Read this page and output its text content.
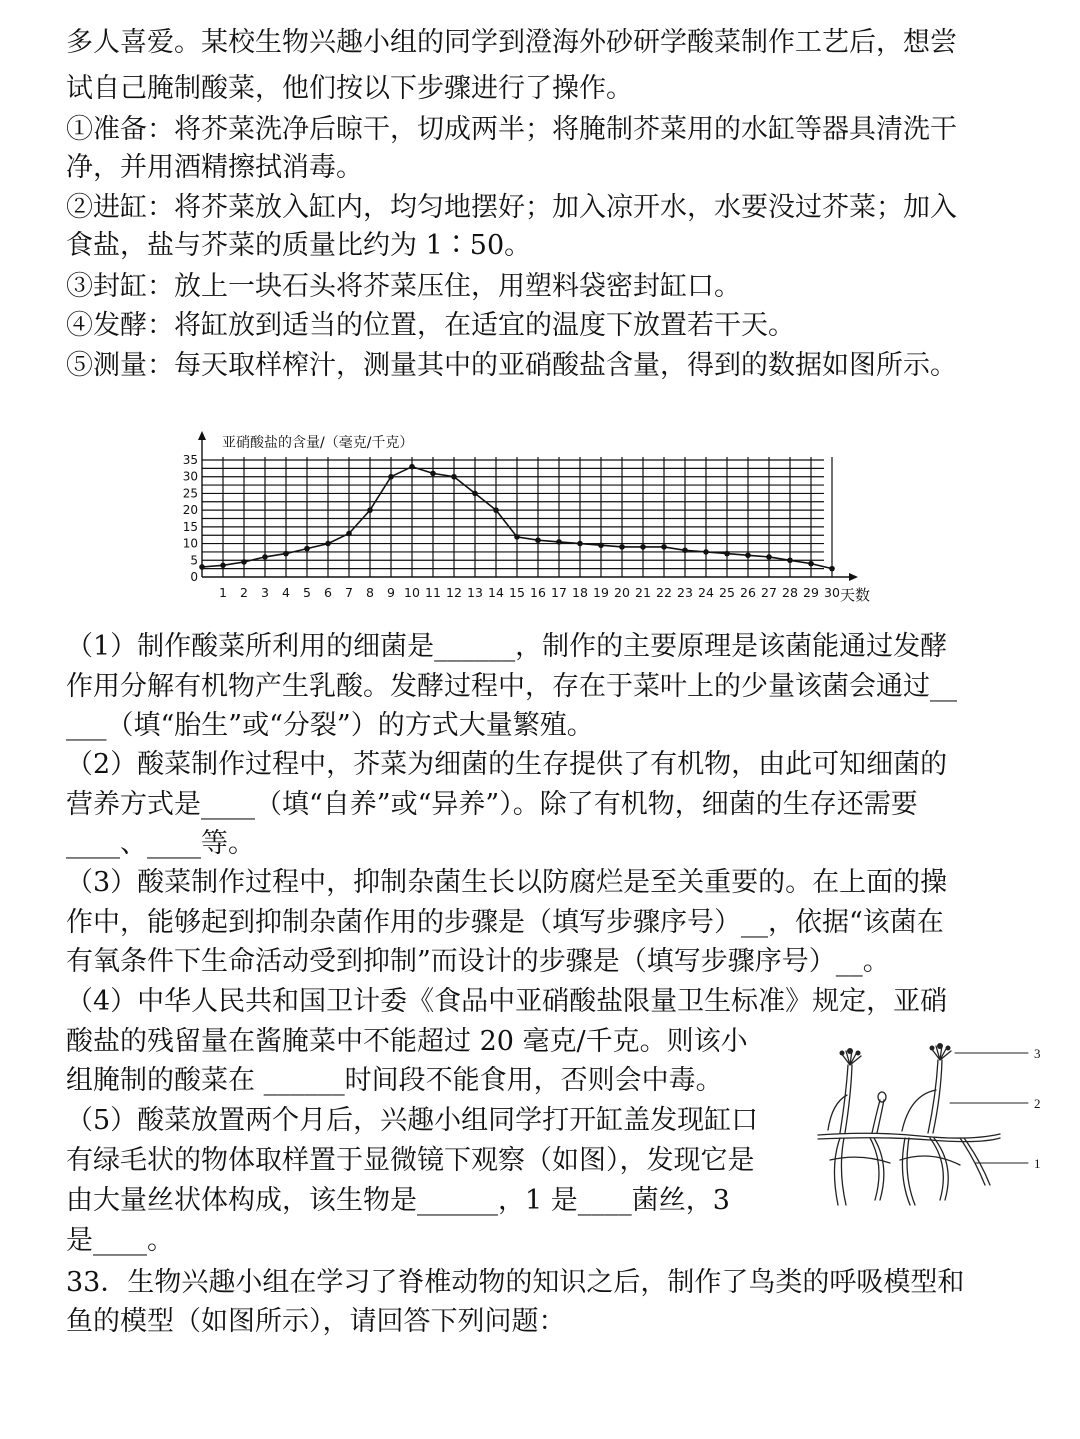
多人喜爱。某校生物兴趣小组的同学到澄海外砂研学酸菜制作工艺后，想尝
试自己腌制酸菜，他们按以下步骤进行了操作。
①准备：将芥菜洗净后晾干，切成两半；将腌制芥菜用的水缸等器具清洗干
净，并用酒精擦拭消毒。
②进缸：将芥菜放入缸内，均匀地摆好；加入凉开水，水要没过芥菜；加入
食盐，盐与芥菜的质量比约为 1∶50。
③封缸：放上一块石头将芥菜压住，用塑料袋密封缸口。
④发酵：将缸放到适当的位置，在适宜的温度下放置若干天。
⑤测量：每天取样榨汁，测量其中的亚硝酸盐含量，得到的数据如图所示。
0
5
10
15
20
25
30
35
1 2 3 4 5 6 7 8 9 10 11 12 13 14 15 16 17 18 19 20 21 22 23 24 25 26 27 28 29 30
亚硝酸盐的含量/（毫克/千克）
天数
（1）制作酸菜所利用的细菌是______，制作的主要原理是该菌能通过发酵
作用分解有机物产生乳酸。发酵过程中，存在于菜叶上的少量该菌会通过__
___（填“胎生”或“分裂”）的方式大量繁殖。
（2）酸菜制作过程中，芥菜为细菌的生存提供了有机物，由此可知细菌的
营养方式是____（填“自养”或“异养”）。除了有机物，细菌的生存还需要
____、____等。
（3）酸菜制作过程中，抑制杂菌生长以防腐烂是至关重要的。在上面的操
作中，能够起到抑制杂菌作用的步骤是（填写步骤序号）__，依据“该菌在
有氧条件下生命活动受到抑制”而设计的步骤是（填写步骤序号）__。
（4）中华人民共和国卫计委《食品中亚硝酸盐限量卫生标准》规定，亚硝
酸盐的残留量在酱腌菜中不能超过 20 毫克/千克。则该小
组腌制的酸菜在 ______时间段不能食用，否则会中毒。
（5）酸菜放置两个月后，兴趣小组同学打开缸盖发现缸口
有绿毛状的物体取样置于显微镜下观察（如图），发现它是
由大量丝状体构成，该生物是______，1 是____菌丝，3
是____。
33．生物兴趣小组在学习了脊椎动物的知识之后，制作了鸟类的呼吸模型和
鱼的模型（如图所示），请回答下列问题：
3
2
1
